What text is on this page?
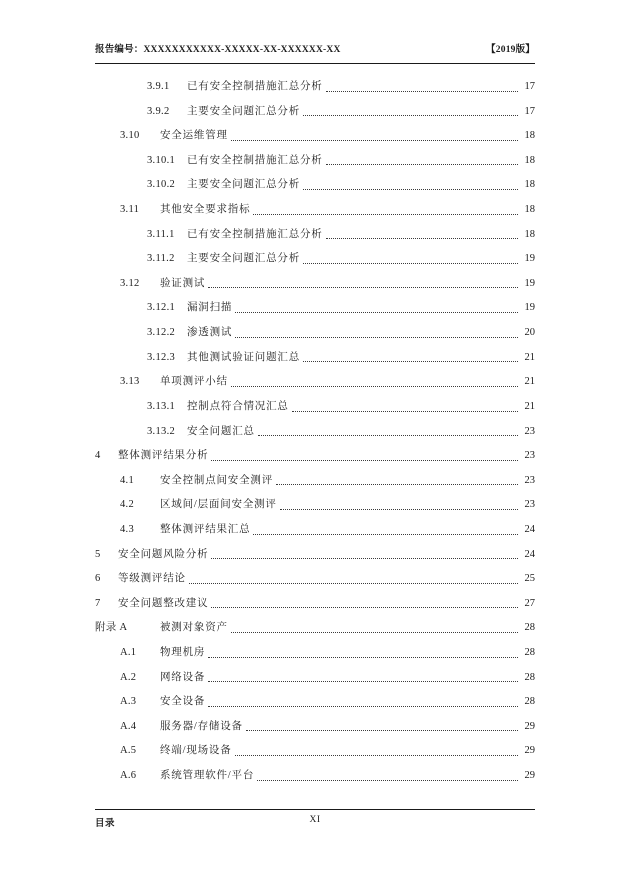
报告编号：XXXXXXXXXXX-XXXXX-XX-XXXXXX-XX	【2019版】
3.9.1	已有安全控制措施汇总分析	17
3.9.2	主要安全问题汇总分析	17
3.10	安全运维管理	18
3.10.1	已有安全控制措施汇总分析	18
3.10.2	主要安全问题汇总分析	18
3.11	其他安全要求指标	18
3.11.1	已有安全控制措施汇总分析	18
3.11.2	主要安全问题汇总分析	19
3.12	验证测试	19
3.12.1	漏洞扫描	19
3.12.2	渗透测试	20
3.12.3	其他测试验证问题汇总	21
3.13	单项测评小结	21
3.13.1	控制点符合情况汇总	21
3.13.2	安全问题汇总	23
4	整体测评结果分析	23
4.1	安全控制点间安全测评	23
4.2	区域间/层面间安全测评	23
4.3	整体测评结果汇总	24
5	安全问题风险分析	24
6	等级测评结论	25
7	安全问题整改建议	27
附录 A	被测对象资产	28
A.1	物理机房	28
A.2	网络设备	28
A.3	安全设备	28
A.4	服务器/存储设备	29
A.5	终端/现场设备	29
A.6	系统管理软件/平台	29
目录	XI
